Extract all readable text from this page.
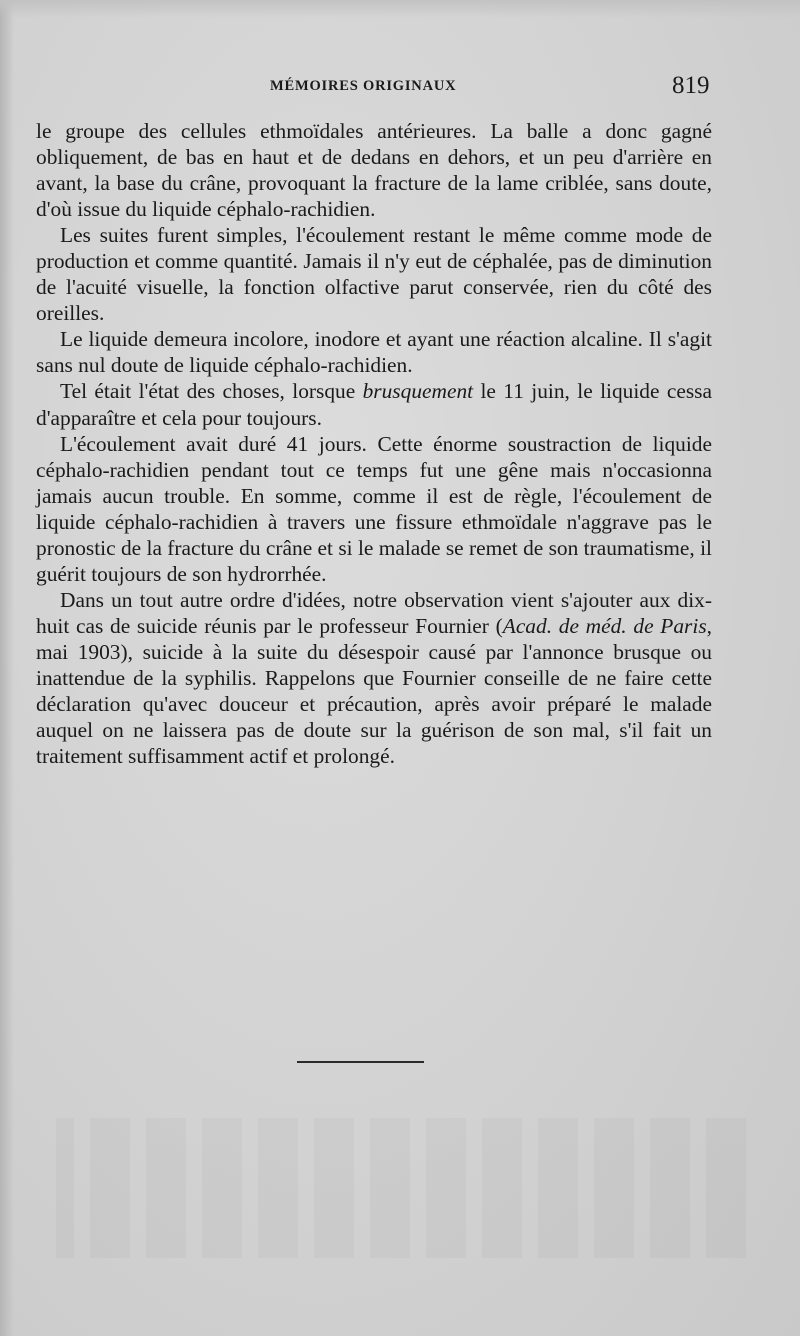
MÉMOIRES ORIGINAUX	819

le groupe des cellules ethmoïdales antérieures. La balle a donc gagné obliquement, de bas en haut et de dedans en dehors, et un peu d'arrière en avant, la base du crâne, provoquant la fracture de la lame criblée, sans doute, d'où issue du liquide céphalo-rachidien.

Les suites furent simples, l'écoulement restant le même comme mode de production et comme quantité. Jamais il n'y eut de céphalée, pas de diminution de l'acuité visuelle, la fonction olfactive parut conservée, rien du côté des oreilles.

Le liquide demeura incolore, inodore et ayant une réaction alcaline. Il s'agit sans nul doute de liquide céphalo-rachidien.

Tel était l'état des choses, lorsque brusquement le 11 juin, le liquide cessa d'apparaître et cela pour toujours.

L'écoulement avait duré 41 jours. Cette énorme soustraction de liquide céphalo-rachidien pendant tout ce temps fut une gêne mais n'occasionna jamais aucun trouble. En somme, comme il est de règle, l'écoulement de liquide céphalo-rachidien à travers une fissure ethmoïdale n'aggrave pas le pronostic de la fracture du crâne et si le malade se remet de son traumatisme, il guérit toujours de son hydrorrhée.

Dans un tout autre ordre d'idées, notre observation vient s'ajouter aux dix-huit cas de suicide réunis par le professeur Fournier (Acad. de méd. de Paris, mai 1903), suicide à la suite du désespoir causé par l'annonce brusque ou inattendue de la syphilis. Rappelons que Fournier conseille de ne faire cette déclaration qu'avec douceur et précaution, après avoir préparé le malade auquel on ne laissera pas de doute sur la guérison de son mal, s'il fait un traitement suffisamment actif et prolongé.
